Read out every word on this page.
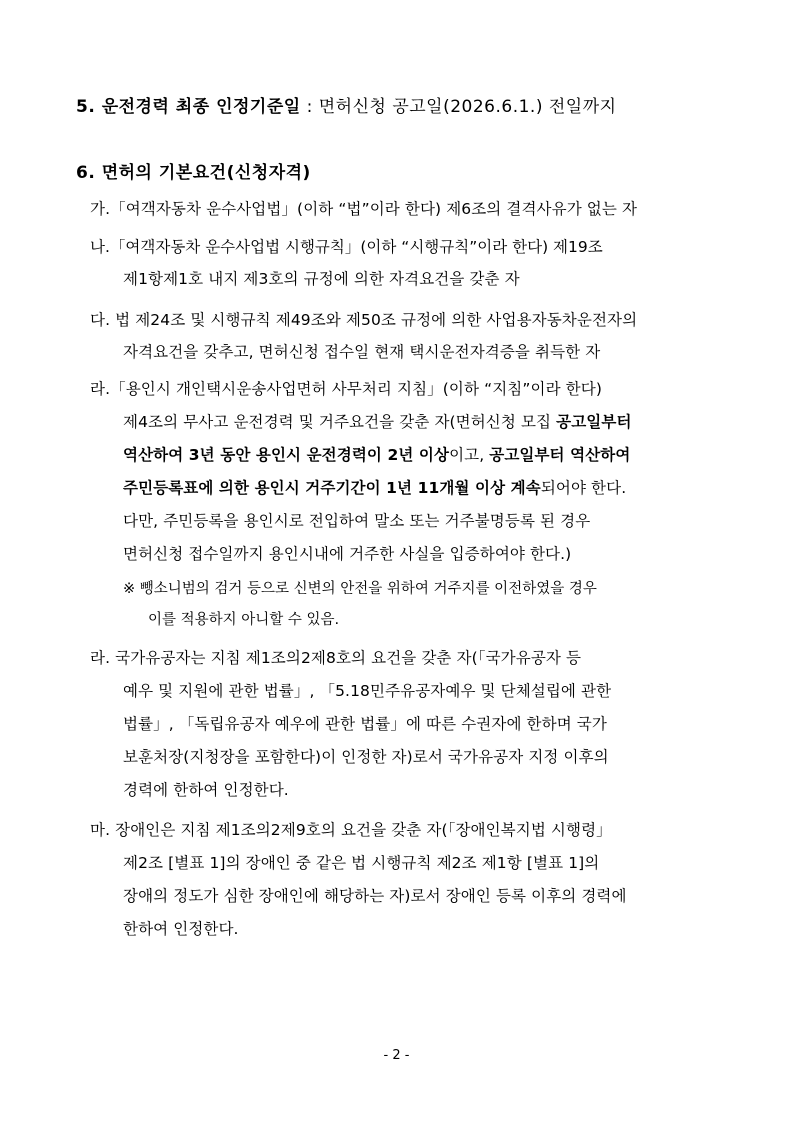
5. 운전경력 최종 인정기준일 : 면허신청 공고일(2026.6.1.) 전일까지
6. 면허의 기본요건(신청자격)
가.「여객자동차 운수사업법」(이하 “법”이라 한다) 제6조의 결격사유가 없는 자
나.「여객자동차 운수사업법 시행규칙」(이하 “시행규칙”이라 한다) 제19조
제1항제1호 내지 제3호의 규정에 의한 자격요건을 갖춘 자
다. 법 제24조 및 시행규칙 제49조와 제50조 규정에 의한 사업용자동차운전자의
자격요건을 갖추고, 면허신청 접수일 현재 택시운전자격증을 취득한 자
라.「용인시 개인택시운송사업면허 사무처리 지침」(이하 “지침”이라 한다)
제4조의 무사고 운전경력 및 거주요건을 갖춘 자(면허신청 모집 공고일부터
역산하여 3년 동안 용인시 운전경력이 2년 이상이고, 공고일부터 역산하여
주민등록표에 의한 용인시 거주기간이 1년 11개월 이상 계속되어야 한다.
다만, 주민등록을 용인시로 전입하여 말소 또는 거주불명등록 된 경우
면허신청 접수일까지 용인시내에 거주한 사실을 입증하여야 한다.)
※ 뺑소니범의 검거 등으로 신변의 안전을 위하여 거주지를 이전하였을 경우
이를 적용하지 아니할 수 있음.
라. 국가유공자는 지침 제1조의2제8호의 요건을 갖춘 자(「국가유공자 등
예우 및 지원에 관한 법률」, 「5.18민주유공자예우 및 단체설립에 관한
법률」, 「독립유공자 예우에 관한 법률」에 따른 수권자에 한하며 국가
보훈처장(지청장을 포함한다)이 인정한 자)로서 국가유공자 지정 이후의
경력에 한하여 인정한다.
마. 장애인은 지침 제1조의2제9호의 요건을 갖춘 자(「장애인복지법 시행령」
제2조 [별표 1]의 장애인 중 같은 법 시행규칙 제2조 제1항 [별표 1]의
장애의 정도가 심한 장애인에 해당하는 자)로서 장애인 등록 이후의 경력에
한하여 인정한다.
- 2 -
